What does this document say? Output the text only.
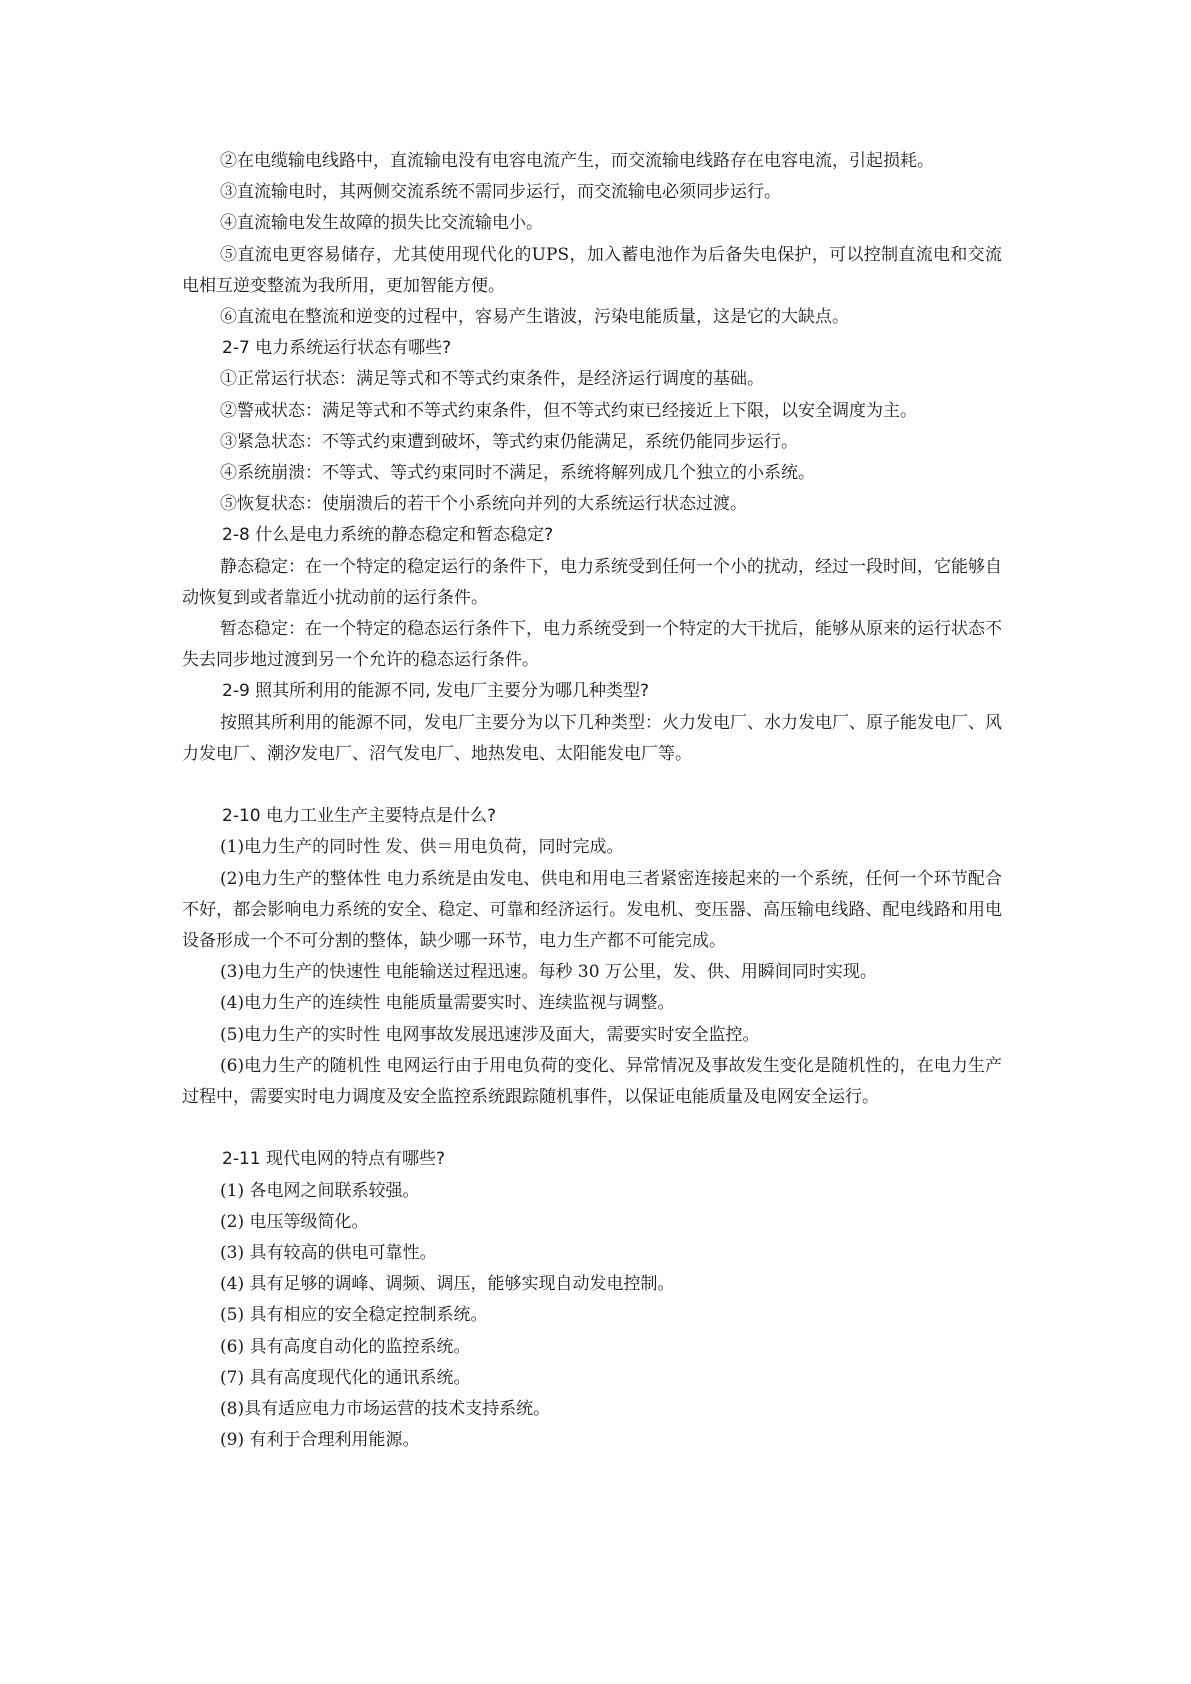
②在电缆输电线路中，直流输电没有电容电流产生，而交流输电线路存在电容电流，引起损耗。

③直流输电时，其两侧交流系统不需同步运行，而交流输电必须同步运行。

④直流输电发生故障的损失比交流输电小。

⑤直流电更容易储存，尤其使用现代化的UPS，加入蓄电池作为后备失电保护，可以控制直流电和交流电相互逆变整流为我所用，更加智能方便。

⑥直流电在整流和逆变的过程中，容易产生谐波，污染电能质量，这是它的大缺点。

2-7 电力系统运行状态有哪些?

①正常运行状态：满足等式和不等式约束条件，是经济运行调度的基础。

②警戒状态：满足等式和不等式约束条件，但不等式约束已经接近上下限，以安全调度为主。

③紧急状态：不等式约束遭到破坏，等式约束仍能满足，系统仍能同步运行。

④系统崩溃：不等式、等式约束同时不满足，系统将解列成几个独立的小系统。

⑤恢复状态：使崩溃后的若干个小系统向并列的大系统运行状态过渡。

2-8 什么是电力系统的静态稳定和暂态稳定?

静态稳定：在一个特定的稳定运行的条件下，电力系统受到任何一个小的扰动，经过一段时间，它能够自动恢复到或者靠近小扰动前的运行条件。

暂态稳定：在一个特定的稳态运行条件下，电力系统受到一个特定的大干扰后，能够从原来的运行状态不失去同步地过渡到另一个允许的稳态运行条件。

2-9 照其所利用的能源不同, 发电厂主要分为哪几种类型?

按照其所利用的能源不同，发电厂主要分为以下几种类型：火力发电厂、水力发电厂、原子能发电厂、风力发电厂、潮汐发电厂、沼气发电厂、地热发电、太阳能发电厂等。

2-10 电力工业生产主要特点是什么?

(1)电力生产的同时性 发、供＝用电负荷，同时完成。

(2)电力生产的整体性 电力系统是由发电、供电和用电三者紧密连接起来的一个系统，任何一个环节配合不好，都会影响电力系统的安全、稳定、可靠和经济运行。发电机、变压器、高压输电线路、配电线路和用电设备形成一个不可分割的整体，缺少哪一环节，电力生产都不可能完成。

(3)电力生产的快速性 电能输送过程迅速。每秒 30 万公里，发、供、用瞬间同时实现。

(4)电力生产的连续性 电能质量需要实时、连续监视与调整。

(5)电力生产的实时性 电网事故发展迅速涉及面大，需要实时安全监控。

(6)电力生产的随机性 电网运行由于用电负荷的变化、异常情况及事故发生变化是随机性的，在电力生产过程中，需要实时电力调度及安全监控系统跟踪随机事件，以保证电能质量及电网安全运行。

2-11 现代电网的特点有哪些?

(1) 各电网之间联系较强。

(2) 电压等级简化。

(3) 具有较高的供电可靠性。

(4) 具有足够的调峰、调频、调压，能够实现自动发电控制。

(5) 具有相应的安全稳定控制系统。

(6) 具有高度自动化的监控系统。

(7) 具有高度现代化的通讯系统。

(8)具有适应电力市场运营的技术支持系统。

(9) 有利于合理利用能源。
